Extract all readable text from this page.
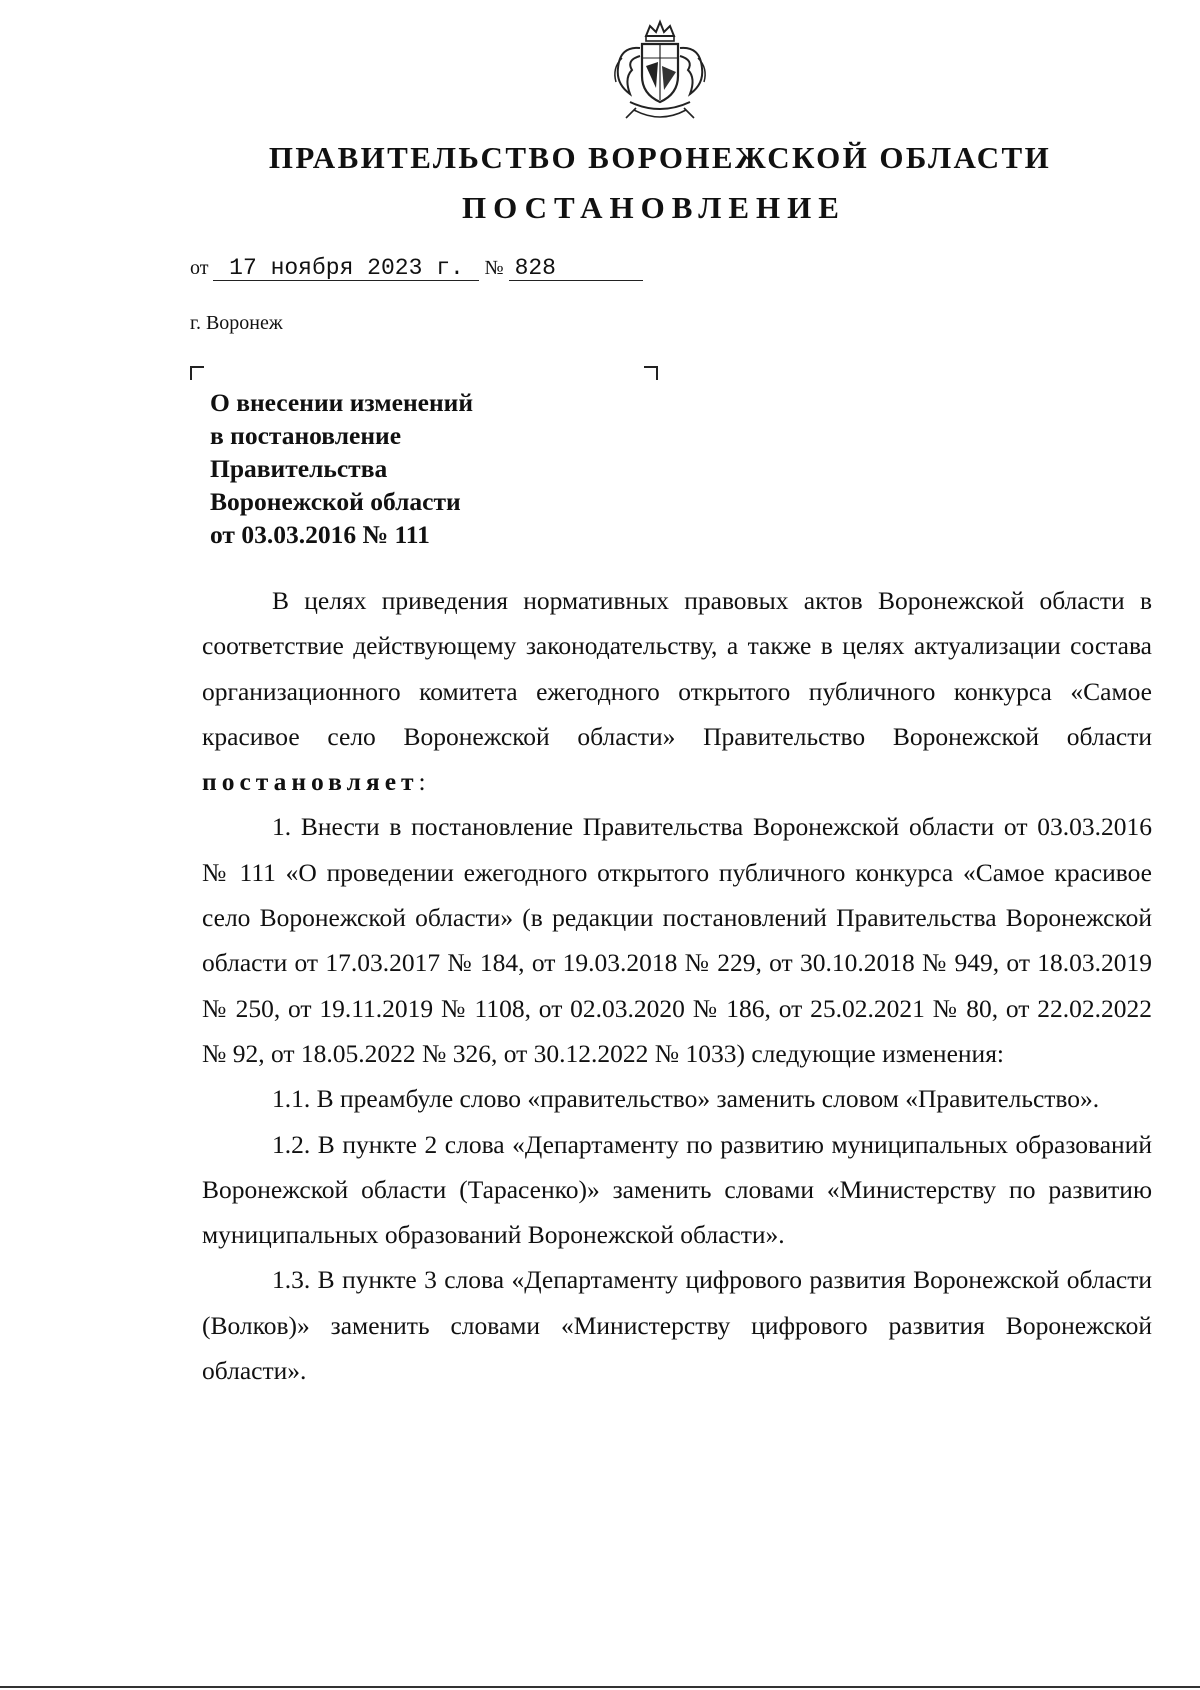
ПРАВИТЕЛЬСТВО ВОРОНЕЖСКОЙ ОБЛАСТИ
ПОСТАНОВЛЕНИЕ
от 17 ноября 2023 г. № 828
г. Воронеж
О внесении изменений
в постановление
Правительства
Воронежской области
от 03.03.2016 № 111

В целях приведения нормативных правовых актов Воронежской области в соответствие действующему законодательству, а также в целях актуализации состава организационного комитета ежегодного открытого публичного конкурса «Самое красивое село Воронежской области» Правительство Воронежской области постановляет:

1. Внести в постановление Правительства Воронежской области от 03.03.2016 № 111 «О проведении ежегодного открытого публичного конкурса «Самое красивое село Воронежской области» (в редакции постановлений Правительства Воронежской области от 17.03.2017 № 184, от 19.03.2018 № 229, от 30.10.2018 № 949, от 18.03.2019 № 250, от 19.11.2019 № 1108, от 02.03.2020 № 186, от 25.02.2021 № 80, от 22.02.2022 № 92, от 18.05.2022 № 326, от 30.12.2022 № 1033) следующие изменения:

1.1. В преамбуле слово «правительство» заменить словом «Правительство».

1.2. В пункте 2 слова «Департаменту по развитию муниципальных образований Воронежской области (Тарасенко)» заменить словами «Министерству по развитию муниципальных образований Воронежской области».

1.3. В пункте 3 слова «Департаменту цифрового развития Воронежской области (Волков)» заменить словами «Министерству цифрового развития Воронежской области».
